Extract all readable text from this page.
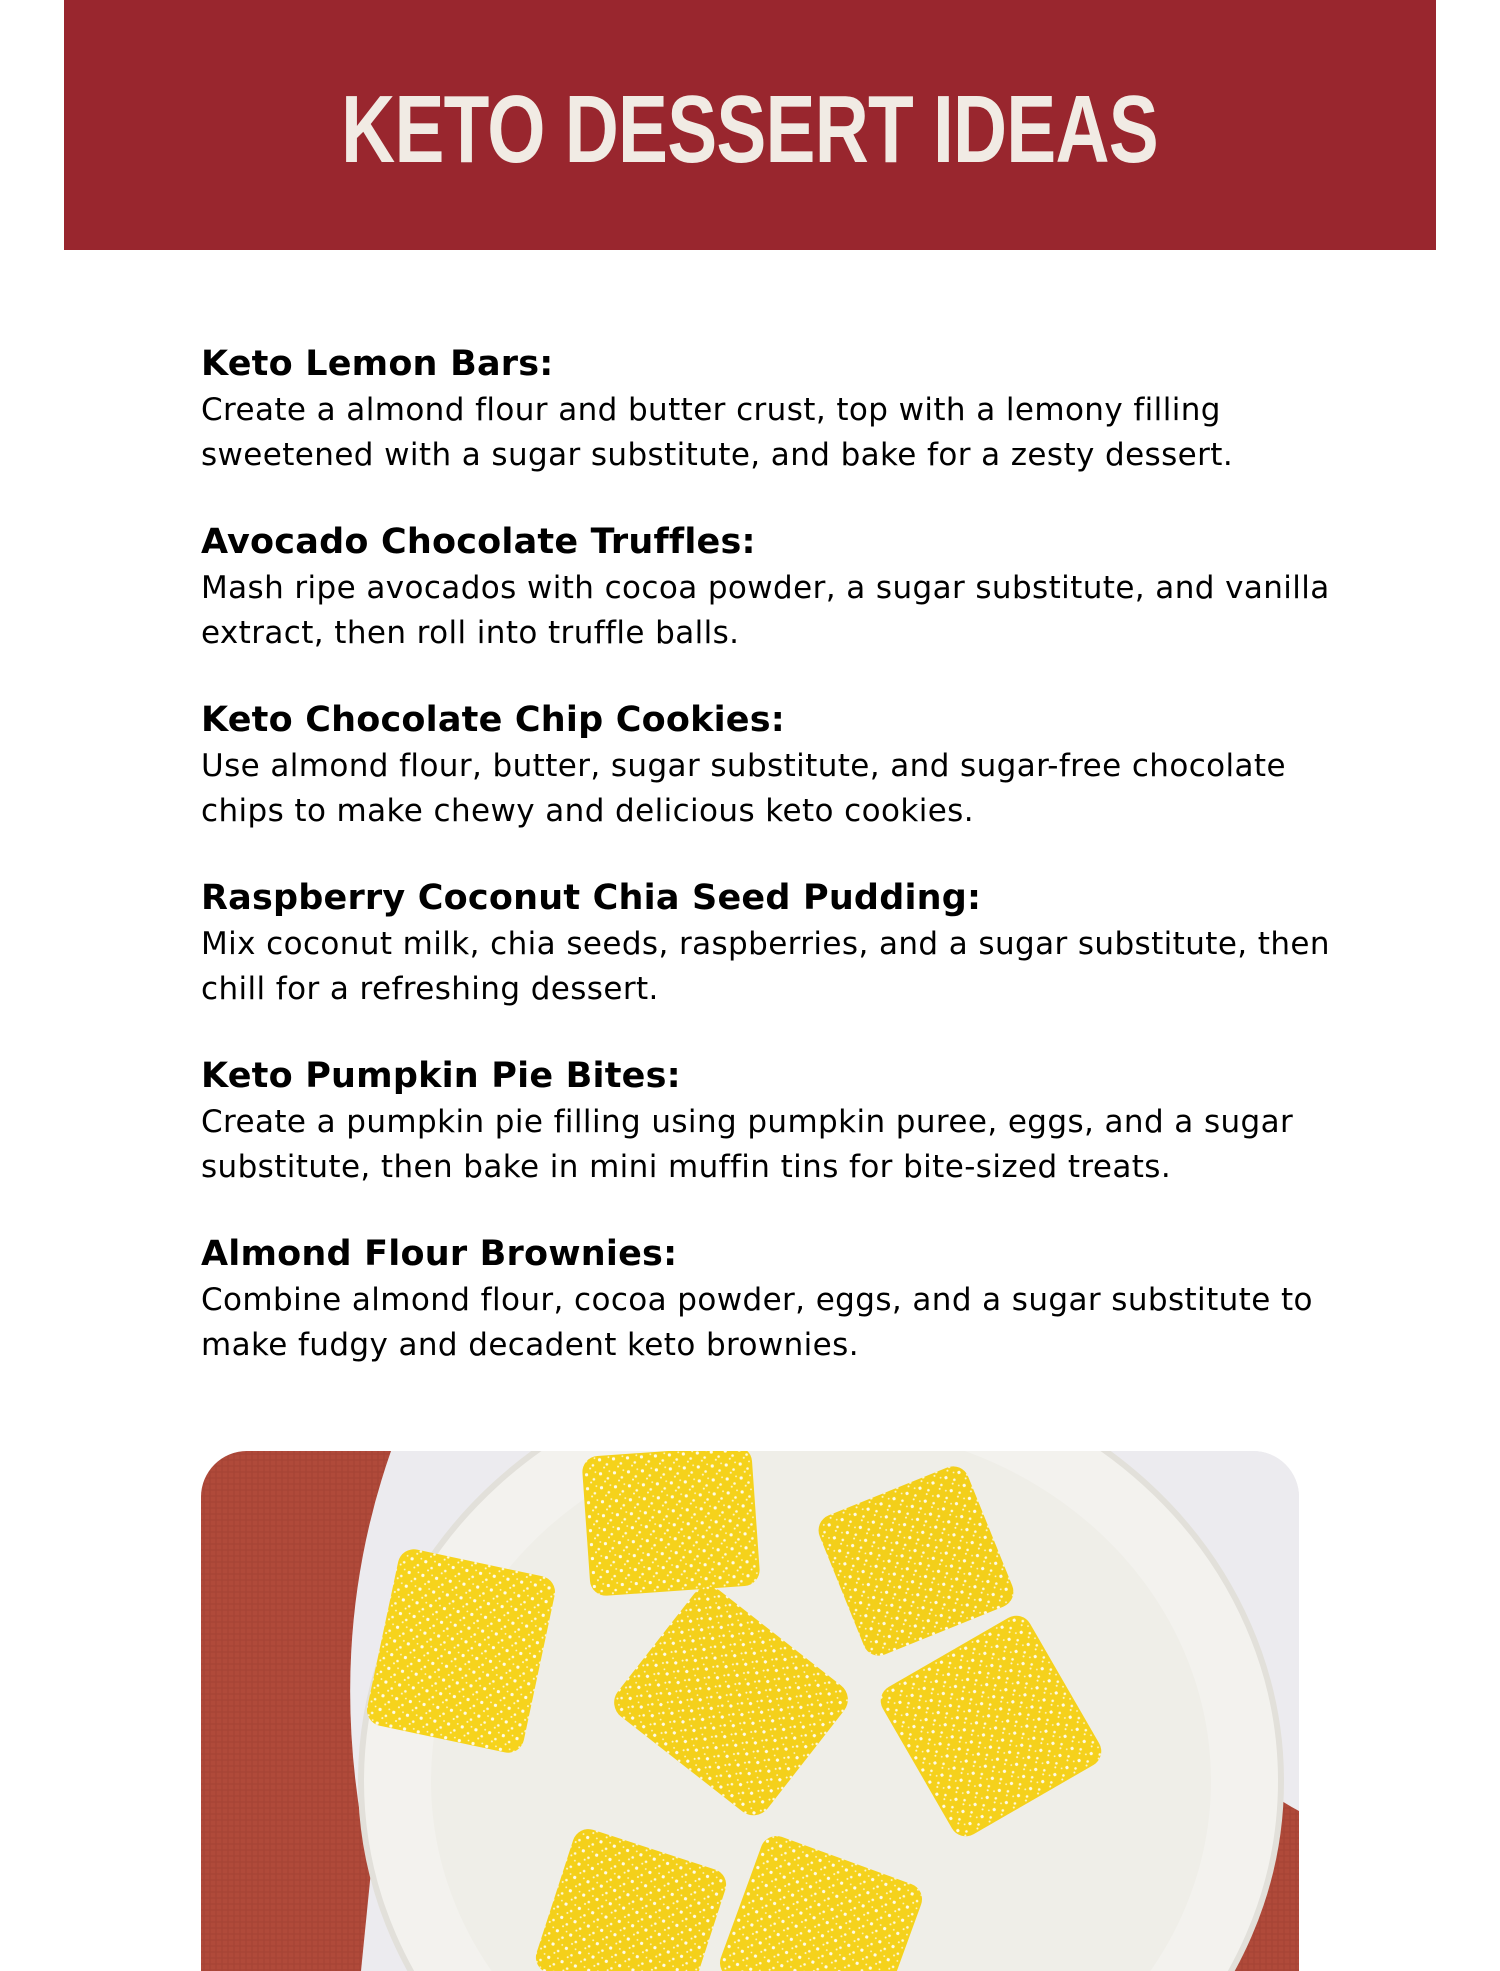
KETO DESSERT IDEAS
Keto Lemon Bars:

Create a almond flour and butter crust, top with a lemony filling sweetened with a sugar substitute, and bake for a zesty dessert.

Avocado Chocolate Truffles:

Mash ripe avocados with cocoa powder, a sugar substitute, and vanilla extract, then roll into truffle balls.

Keto Chocolate Chip Cookies:

Use almond flour, butter, sugar substitute, and sugar-free chocolate chips to make chewy and delicious keto cookies.

Raspberry Coconut Chia Seed Pudding:

Mix coconut milk, chia seeds, raspberries, and a sugar substitute, then chill for a refreshing dessert.

Keto Pumpkin Pie Bites:

Create a pumpkin pie filling using pumpkin puree, eggs, and a sugar substitute, then bake in mini muffin tins for bite-sized treats.

Almond Flour Brownies:

Combine almond flour, cocoa powder, eggs, and a sugar substitute to make fudgy and decadent keto brownies.
